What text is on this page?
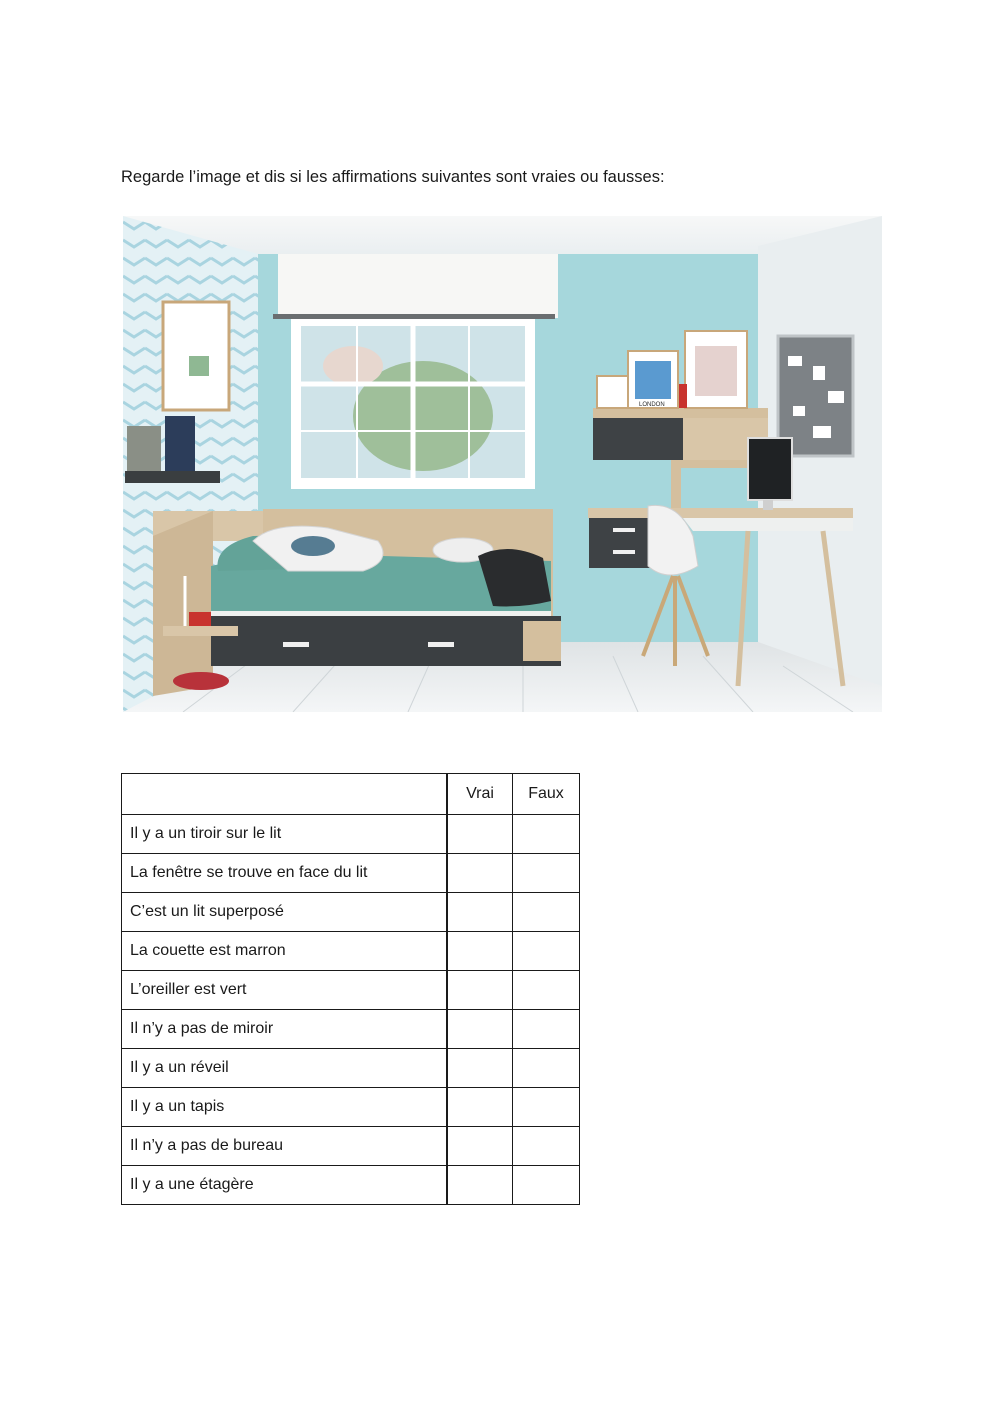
Regarde l’image et dis si les affirmations suivantes sont vraies ou fausses:
LONDON
	Vrai	Faux
Il y a un tiroir sur le lit		
La fenêtre se trouve en face du lit		
C’est un lit superposé		
La couette est marron		
L’oreiller est vert		
Il n’y a pas de miroir		
Il y a un réveil		
Il y a un tapis		
Il n’y a pas de bureau		
Il y a une étagère		
